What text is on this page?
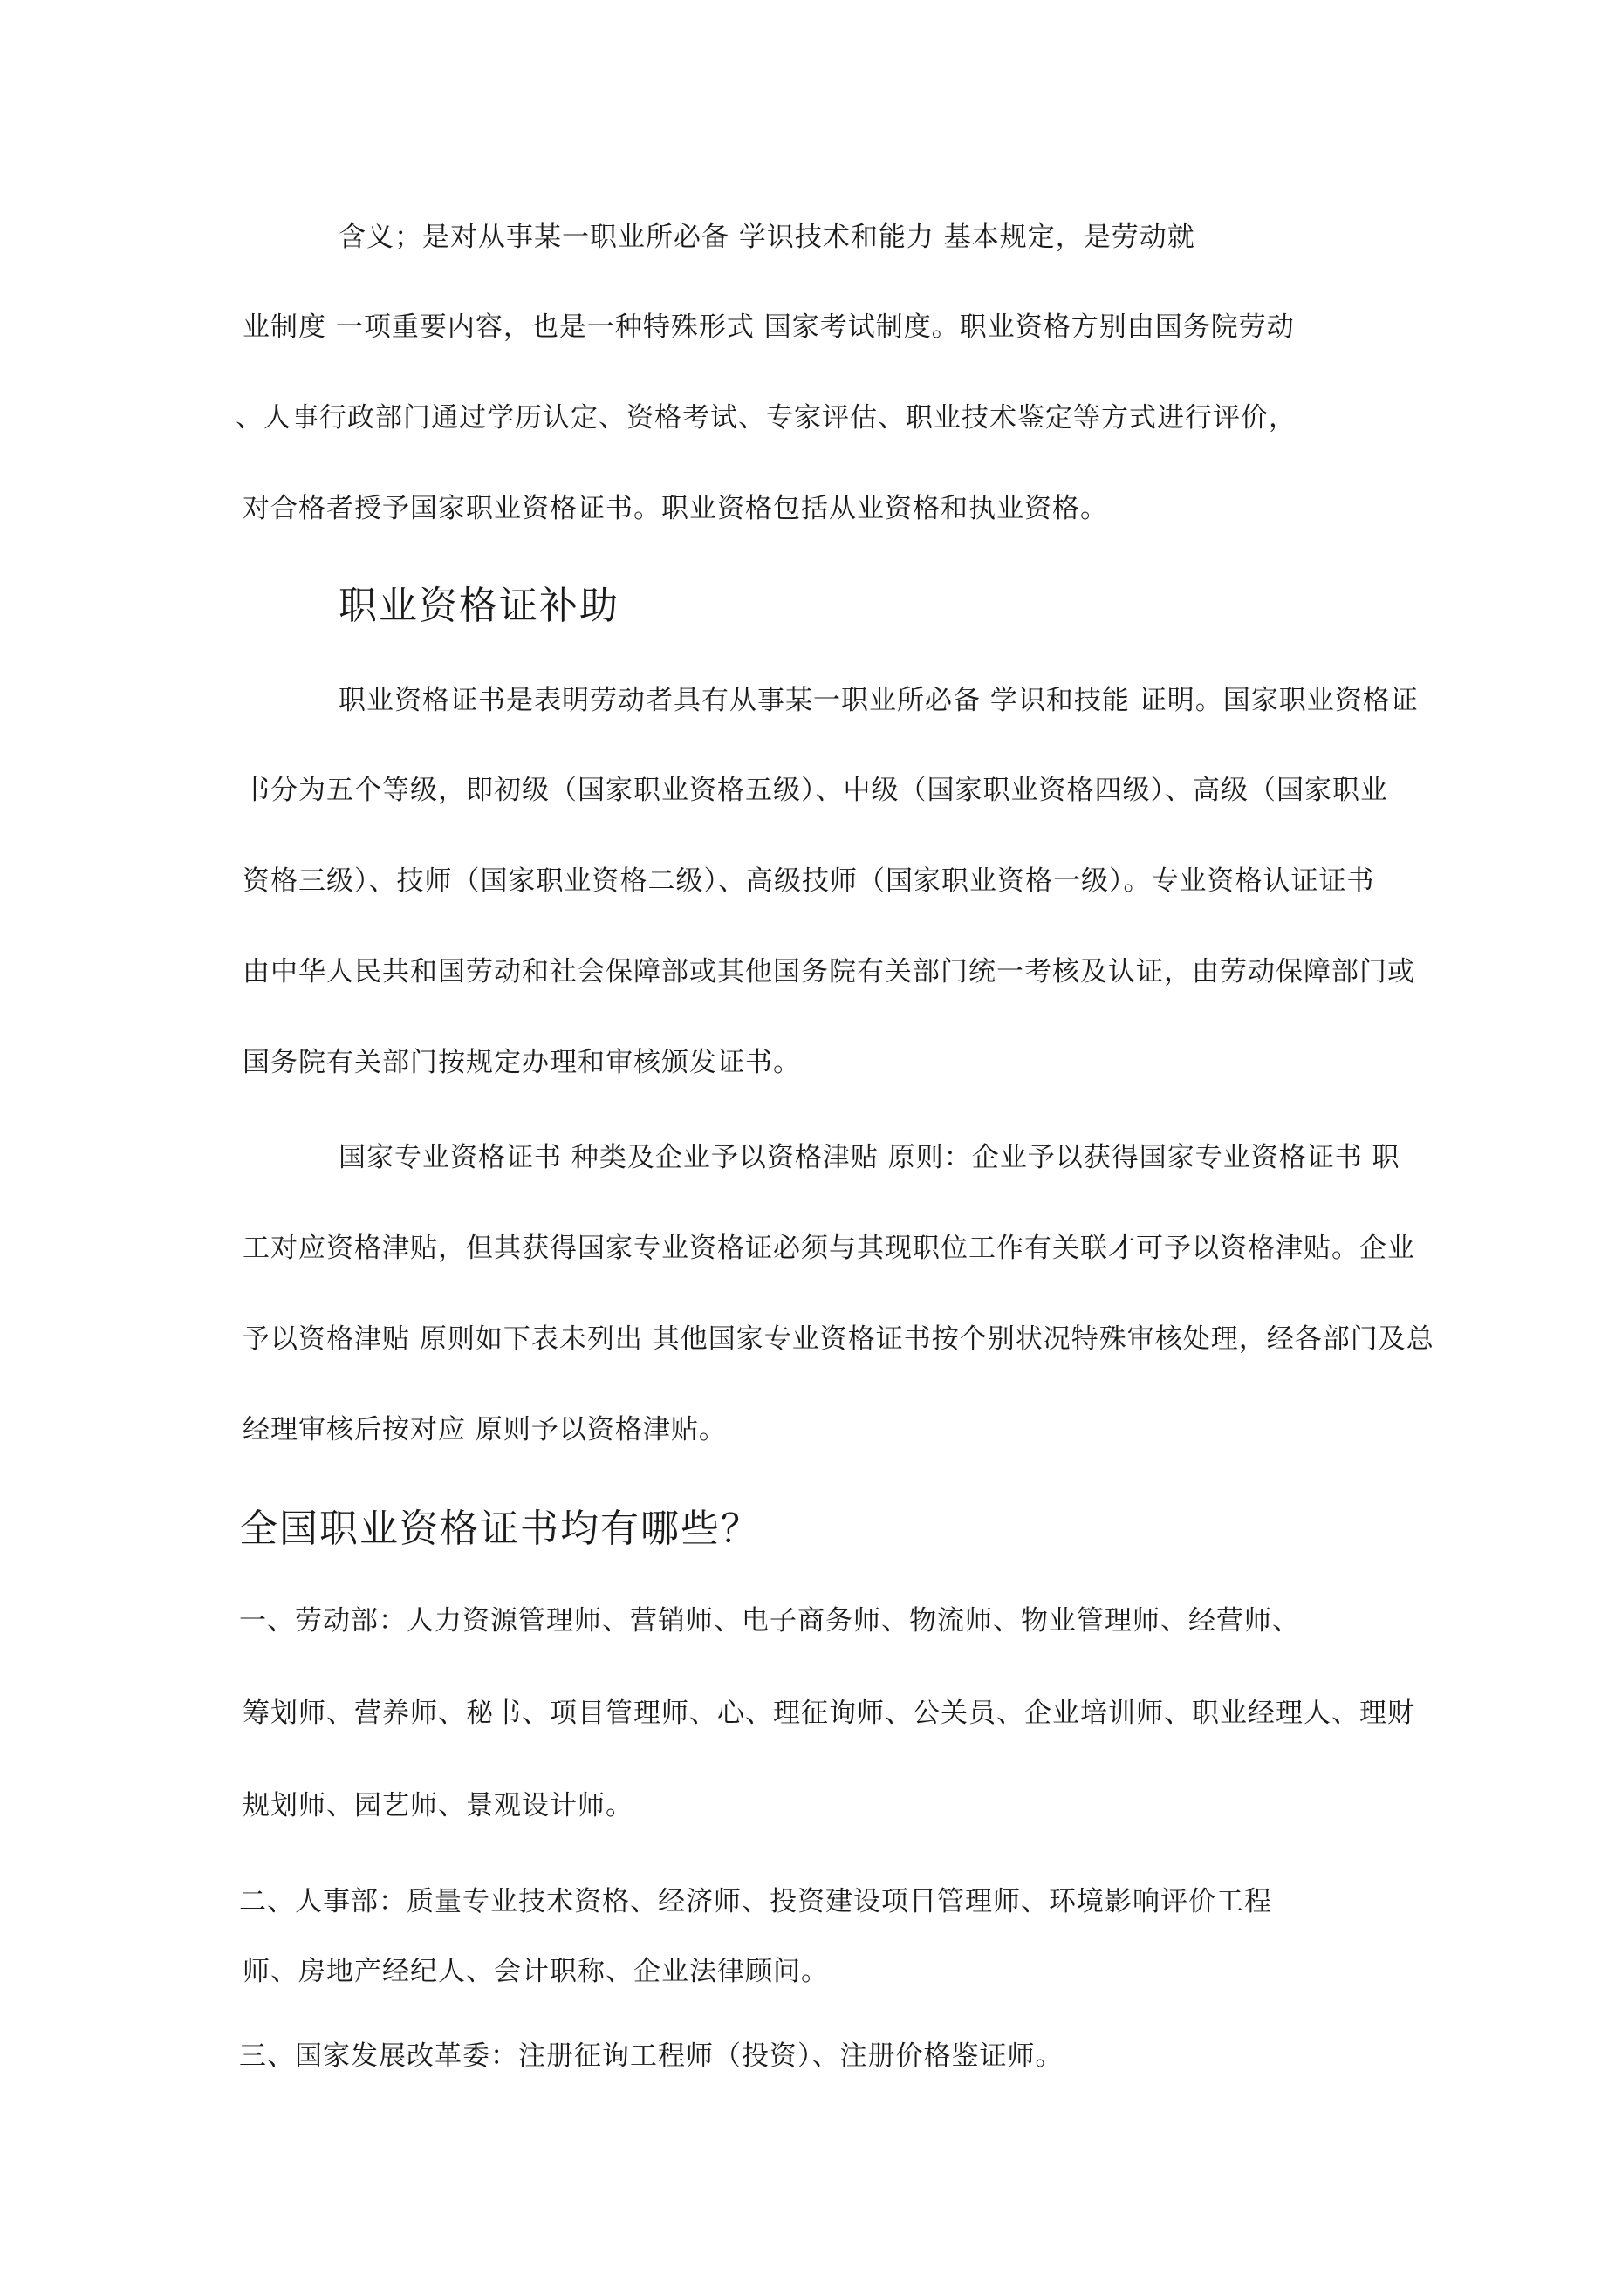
含义；是对从事某一职业所必备 学识技术和能力 基本规定，是劳动就
业制度 一项重要内容，也是一种特殊形式 国家考试制度。职业资格方别由国务院劳动
、人事行政部门通过学历认定、资格考试、专家评估、职业技术鉴定等方式进行评价，
对合格者授予国家职业资格证书。职业资格包括从业资格和执业资格。
职业资格证补助
职业资格证书是表明劳动者具有从事某一职业所必备 学识和技能 证明。国家职业资格证
书分为五个等级，即初级（国家职业资格五级）、中级（国家职业资格四级）、高级（国家职业
资格三级）、技师（国家职业资格二级）、高级技师（国家职业资格一级）。专业资格认证证书
由中华人民共和国劳动和社会保障部或其他国务院有关部门统一考核及认证，由劳动保障部门或
国务院有关部门按规定办理和审核颁发证书。
国家专业资格证书 种类及企业予以资格津贴 原则：企业予以获得国家专业资格证书 职
工对应资格津贴，但其获得国家专业资格证必须与其现职位工作有关联才可予以资格津贴。企业
予以资格津贴 原则如下表未列出 其他国家专业资格证书按个别状况特殊审核处理，经各部门及总
经理审核后按对应 原则予以资格津贴。
全国职业资格证书均有哪些？
一、劳动部：人力资源管理师、营销师、电子商务师、物流师、物业管理师、经营师、
筹划师、营养师、秘书、项目管理师、心、理征询师、公关员、企业培训师、职业经理人、理财
规划师、园艺师、景观设计师。
二、人事部：质量专业技术资格、经济师、投资建设项目管理师、环境影响评价工程
师、房地产经纪人、会计职称、企业法律顾问。
三、国家发展改革委：注册征询工程师（投资）、注册价格鉴证师。
